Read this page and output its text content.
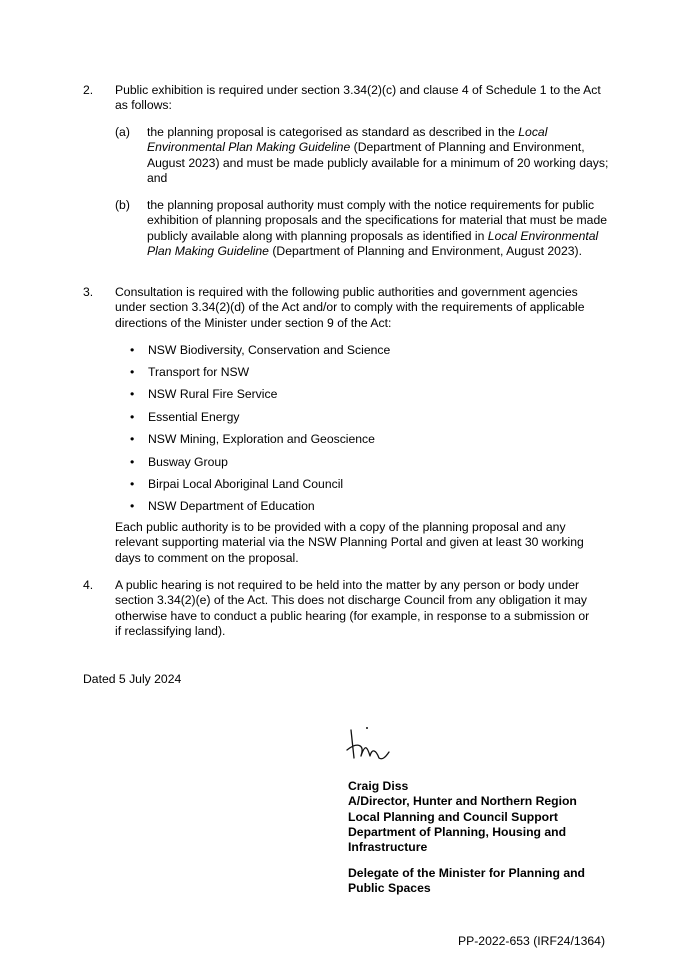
2. Public exhibition is required under section 3.34(2)(c) and clause 4 of Schedule 1 to the Act as follows:
(a) the planning proposal is categorised as standard as described in the Local Environmental Plan Making Guideline (Department of Planning and Environment, August 2023) and must be made publicly available for a minimum of 20 working days; and
(b) the planning proposal authority must comply with the notice requirements for public exhibition of planning proposals and the specifications for material that must be made publicly available along with planning proposals as identified in Local Environmental Plan Making Guideline (Department of Planning and Environment, August 2023).
3. Consultation is required with the following public authorities and government agencies under section 3.34(2)(d) of the Act and/or to comply with the requirements of applicable directions of the Minister under section 9 of the Act:
• NSW Biodiversity, Conservation and Science
• Transport for NSW
• NSW Rural Fire Service
• Essential Energy
• NSW Mining, Exploration and Geoscience
• Busway Group
• Birpai Local Aboriginal Land Council
• NSW Department of Education
Each public authority is to be provided with a copy of the planning proposal and any relevant supporting material via the NSW Planning Portal and given at least 30 working days to comment on the proposal.
4. A public hearing is not required to be held into the matter by any person or body under section 3.34(2)(e) of the Act. This does not discharge Council from any obligation it may otherwise have to conduct a public hearing (for example, in response to a submission or if reclassifying land).
Dated 5 July 2024
Craig Diss
A/Director, Hunter and Northern Region
Local Planning and Council Support
Department of Planning, Housing and Infrastructure
Delegate of the Minister for Planning and Public Spaces
PP-2022-653 (IRF24/1364)
